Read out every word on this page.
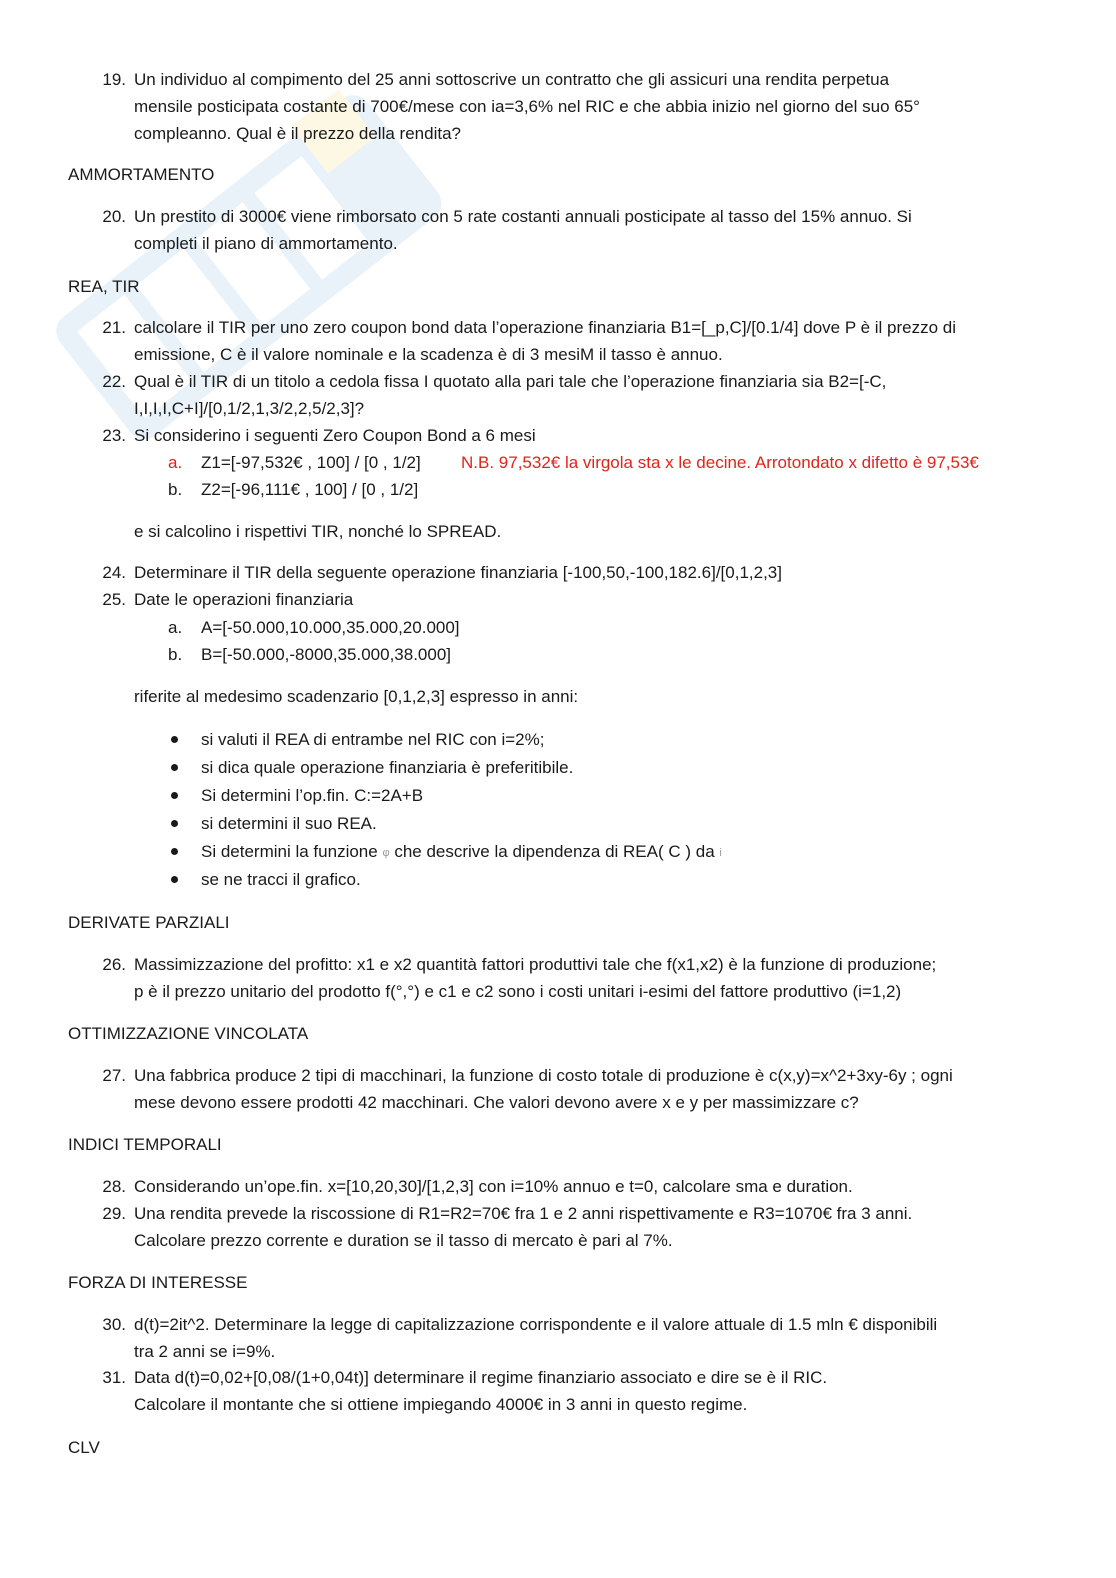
19. Un individuo al compimento del 25 anni sottoscrive un contratto che gli assicuri una rendita perpetua
mensile posticipata costante di 700€/mese con ia=3,6% nel RIC e che abbia inizio nel giorno del suo 65°
compleanno. Qual è il prezzo della rendita?
AMMORTAMENTO
20. Un prestito di 3000€ viene rimborsato con 5 rate costanti annuali posticipate al tasso del 15% annuo. Si
completi il piano di ammortamento.
REA, TIR
21. calcolare il TIR per uno zero coupon bond data l’operazione finanziaria B1=[_p,C]/[0.1/4] dove P è il prezzo di
emissione, C è il valore nominale e la scadenza è di 3 mesiM il tasso è annuo.
22. Qual è il TIR di un titolo a cedola fissa I quotato alla pari tale che l’operazione finanziaria sia B2=[-C,
I,I,I,I,C+I]/[0,1/2,1,3/2,2,5/2,3]?
23. Si considerino i seguenti Zero Coupon Bond a 6 mesi
a. Z1=[-97,532€ , 100] / [0 , 1/2] N.B. 97,532€ la virgola sta x le decine. Arrotondato x difetto è 97,53€
b. Z2=[-96,111€ , 100] / [0 , 1/2]
e si calcolino i rispettivi TIR, nonché lo SPREAD.
24. Determinare il TIR della seguente operazione finanziaria [-100,50,-100,182.6]/[0,1,2,3]
25. Date le operazioni finanziaria
a. A=[-50.000,10.000,35.000,20.000]
b. B=[-50.000,-8000,35.000,38.000]
riferite al medesimo scadenzario [0,1,2,3] espresso in anni:
si valuti il REA di entrambe nel RIC con i=2%;
si dica quale operazione finanziaria è preferitibile.
Si determini l’op.fin. C:=2A+B
si determini il suo REA.
Si determini la funzione φ che descrive la dipendenza di REA( C ) da i
se ne tracci il grafico.
DERIVATE PARZIALI
26. Massimizzazione del profitto: x1 e x2 quantità fattori produttivi tale che f(x1,x2) è la funzione di produzione;
p è il prezzo unitario del prodotto f(°,°) e c1 e c2 sono i costi unitari i-esimi del fattore produttivo (i=1,2)
OTTIMIZZAZIONE VINCOLATA
27. Una fabbrica produce 2 tipi di macchinari, la funzione di costo totale di produzione è c(x,y)=x^2+3xy-6y ; ogni
mese devono essere prodotti 42 macchinari. Che valori devono avere x e y per massimizzare c?
INDICI TEMPORALI
28. Considerando un’ope.fin. x=[10,20,30]/[1,2,3] con i=10% annuo e t=0, calcolare sma e duration.
29. Una rendita prevede la riscossione di R1=R2=70€ fra 1 e 2 anni rispettivamente e R3=1070€ fra 3 anni.
Calcolare prezzo corrente e duration se il tasso di mercato è pari al 7%.
FORZA DI INTERESSE
30. d(t)=2it^2. Determinare la legge di capitalizzazione corrispondente e il valore attuale di 1.5 mln € disponibili
tra 2 anni se i=9%.
31. Data d(t)=0,02+[0,08/(1+0,04t)] determinare il regime finanziario associato e dire se è il RIC.
Calcolare il montante che si ottiene impiegando 4000€ in 3 anni in questo regime.
CLV
